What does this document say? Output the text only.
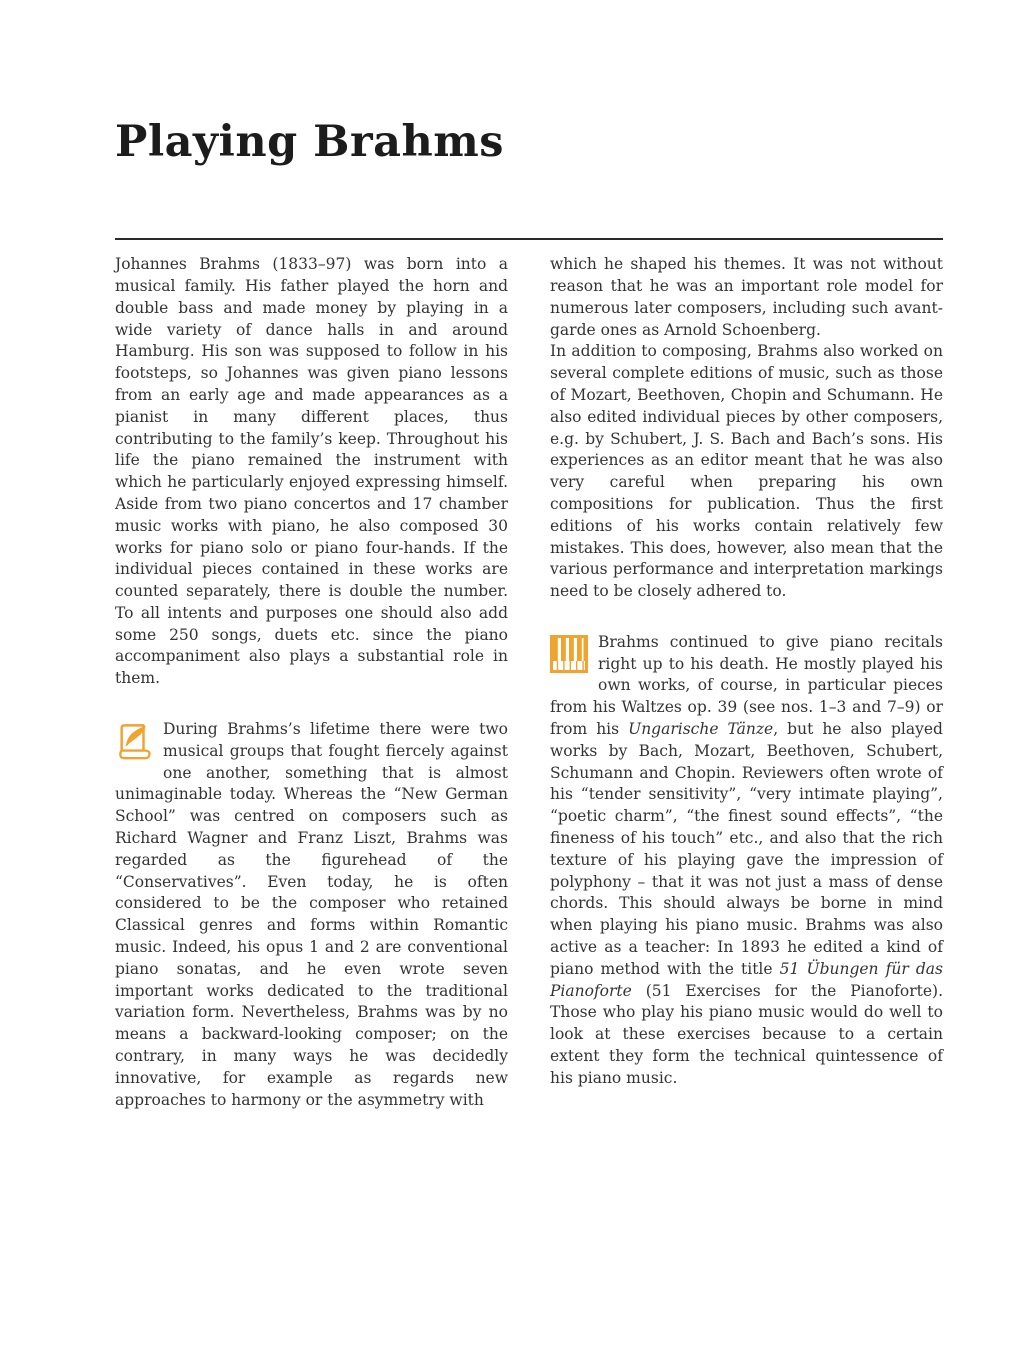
Playing Brahms

Johannes Brahms (1833–97) was born into a musical family. His father played the horn and double bass and made money by playing in a wide variety of dance halls in and around Hamburg. His son was supposed to follow in his footsteps, so Johannes was given piano lessons from an early age and made appearances as a pianist in many different places, thus contributing to the family’s keep. Throughout his life the piano remained the instrument with which he particularly enjoyed expressing himself. Aside from two piano concertos and 17 chamber music works with piano, he also composed 30 works for piano solo or piano four-hands. If the individual pieces contained in these works are counted separately, there is double the number. To all intents and purposes one should also add some 250 songs, duets etc. since the piano accompaniment also plays a substantial role in them.

During Brahms’s lifetime there were two musical groups that fought fiercely against one another, something that is almost unimaginable today. Whereas the “New German School” was centred on composers such as Richard Wagner and Franz Liszt, Brahms was regarded as the figurehead of the “Conservatives”. Even today, he is often considered to be the composer who retained Classical genres and forms within Romantic music. Indeed, his opus 1 and 2 are conventional piano sonatas, and he even wrote seven important works dedicated to the traditional variation form. Nevertheless, Brahms was by no means a backward-looking composer; on the contrary, in many ways he was decidedly innovative, for example as regards new approaches to harmony or the asymmetry with

which he shaped his themes. It was not without reason that he was an important role model for numerous later composers, including such avant-garde ones as Arnold Schoenberg.

In addition to composing, Brahms also worked on several complete editions of music, such as those of Mozart, Beethoven, Chopin and Schumann. He also edited individual pieces by other composers, e.g. by Schubert, J. S. Bach and Bach’s sons. His experiences as an editor meant that he was also very careful when preparing his own compositions for publication. Thus the first editions of his works contain relatively few mistakes. This does, however, also mean that the various performance and interpretation markings need to be closely adhered to.

Brahms continued to give piano recitals right up to his death. He mostly played his own works, of course, in particular pieces from his Waltzes op. 39 (see nos. 1–3 and 7–9) or from his Ungarische Tänze, but he also played works by Bach, Mozart, Beethoven, Schubert, Schumann and Chopin. Reviewers often wrote of his “tender sensitivity”, “very intimate playing”, “poetic charm”, “the finest sound effects”, “the fineness of his touch” etc., and also that the rich texture of his playing gave the impression of polyphony – that it was not just a mass of dense chords. This should always be borne in mind when playing his piano music. Brahms was also active as a teacher: In 1893 he edited a kind of piano method with the title 51 Übungen für das Pianoforte (51 Exercises for the Pianoforte). Those who play his piano music would do well to look at these exercises because to a certain extent they form the technical quintessence of his piano music.
